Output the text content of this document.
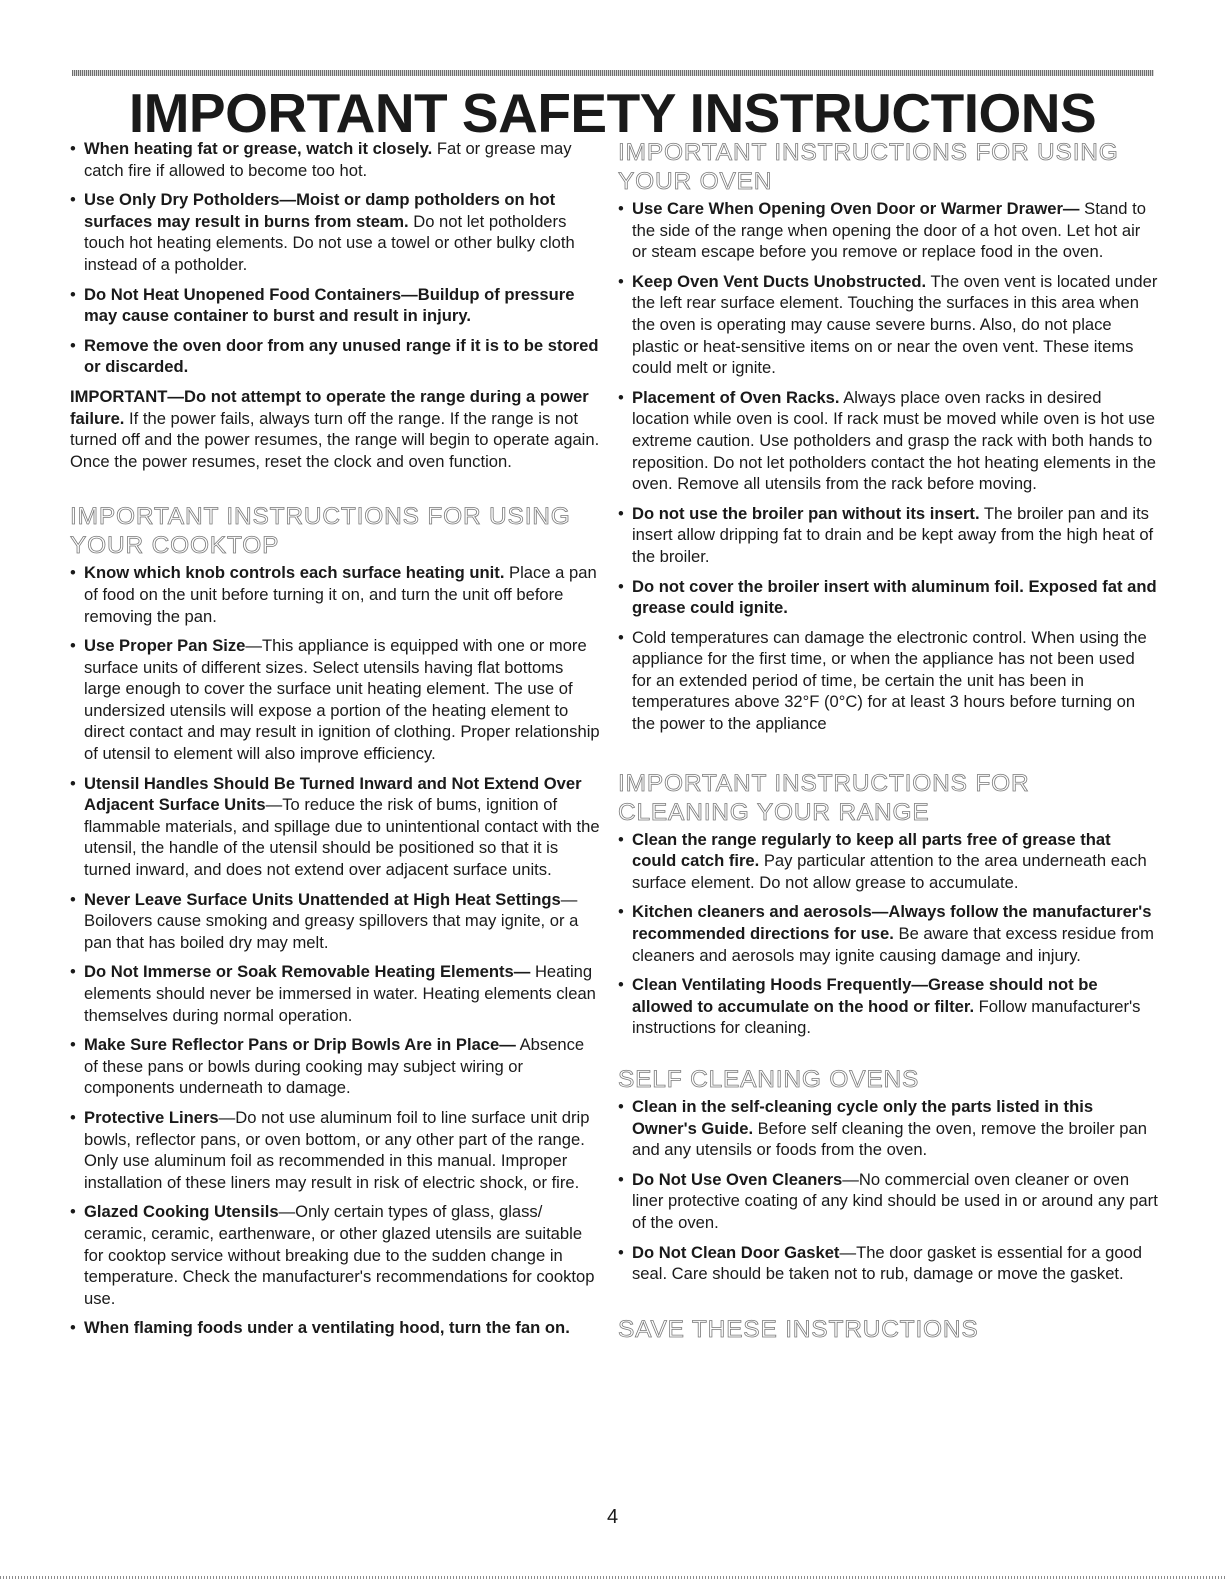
IMPORTANT SAFETY INSTRUCTIONS
• When heating fat or grease, watch it closely. Fat or grease may catch fire if allowed to become too hot.
• Use Only Dry Potholders—Moist or damp potholders on hot surfaces may result in burns from steam. Do not let potholders touch hot heating elements. Do not use a towel or other bulky cloth instead of a potholder.
• Do Not Heat Unopened Food Containers—Buildup of pressure may cause container to burst and result in injury.
• Remove the oven door from any unused range if it is to be stored or discarded.

IMPORTANT—Do not attempt to operate the range during a power failure. If the power fails, always turn off the range. If the range is not turned off and the power resumes, the range will begin to operate again. Once the power resumes, reset the clock and oven function.

IMPORTANT INSTRUCTIONS FOR USING YOUR COOKTOP
• Know which knob controls each surface heating unit. Place a pan of food on the unit before turning it on, and turn the unit off before removing the pan.
• Use Proper Pan Size—This appliance is equipped with one or more surface units of different sizes. Select utensils having flat bottoms large enough to cover the surface unit heating element. The use of undersized utensils will expose a portion of the heating element to direct contact and may result in ignition of clothing. Proper relationship of utensil to element will also improve efficiency.
• Utensil Handles Should Be Turned Inward and Not Extend Over Adjacent Surface Units—To reduce the risk of bums, ignition of flammable materials, and spillage due to unintentional contact with the utensil, the handle of the utensil should be positioned so that it is turned inward, and does not extend over adjacent surface units.
• Never Leave Surface Units Unattended at High Heat Settings—Boilovers cause smoking and greasy spillovers that may ignite, or a pan that has boiled dry may melt.
• Do Not Immerse or Soak Removable Heating Elements— Heating elements should never be immersed in water. Heating elements clean themselves during normal operation.
• Make Sure Reflector Pans or Drip Bowls Are in Place— Absence of these pans or bowls during cooking may subject wiring or components underneath to damage.
• Protective Liners—Do not use aluminum foil to line surface unit drip bowls, reflector pans, or oven bottom, or any other part of the range. Only use aluminum foil as recommended in this manual. Improper installation of these liners may result in risk of electric shock, or fire.
• Glazed Cooking Utensils—Only certain types of glass, glass/ ceramic, ceramic, earthenware, or other glazed utensils are suitable for cooktop service without breaking due to the sudden change in temperature. Check the manufacturer's recommendations for cooktop use.
• When flaming foods under a ventilating hood, turn the fan on.
IMPORTANT INSTRUCTIONS FOR USING YOUR OVEN
• Use Care When Opening Oven Door or Warmer Drawer— Stand to the side of the range when opening the door of a hot oven. Let hot air or steam escape before you remove or replace food in the oven.
• Keep Oven Vent Ducts Unobstructed. The oven vent is located under the left rear surface element. Touching the surfaces in this area when the oven is operating may cause severe burns. Also, do not place plastic or heat-sensitive items on or near the oven vent. These items could melt or ignite.
• Placement of Oven Racks. Always place oven racks in desired location while oven is cool. If rack must be moved while oven is hot use extreme caution. Use potholders and grasp the rack with both hands to reposition. Do not let potholders contact the hot heating elements in the oven. Remove all utensils from the rack before moving.
• Do not use the broiler pan without its insert. The broiler pan and its insert allow dripping fat to drain and be kept away from the high heat of the broiler.
• Do not cover the broiler insert with aluminum foil. Exposed fat and grease could ignite.
• Cold temperatures can damage the electronic control. When using the appliance for the first time, or when the appliance has not been used for an extended period of time, be certain the unit has been in temperatures above 32°F (0°C) for at least 3 hours before turning on the power to the appliance
IMPORTANT INSTRUCTIONS FOR CLEANING YOUR RANGE
• Clean the range regularly to keep all parts free of grease that could catch fire. Pay particular attention to the area underneath each surface element. Do not allow grease to accumulate.
• Kitchen cleaners and aerosols—Always follow the manufacturer's recommended directions for use. Be aware that excess residue from cleaners and aerosols may ignite causing damage and injury.
• Clean Ventilating Hoods Frequently—Grease should not be allowed to accumulate on the hood or filter. Follow manufacturer's instructions for cleaning.
SELF CLEANING OVENS
• Clean in the self-cleaning cycle only the parts listed in this Owner's Guide. Before self cleaning the oven, remove the broiler pan and any utensils or foods from the oven.
• Do Not Use Oven Cleaners—No commercial oven cleaner or oven liner protective coating of any kind should be used in or around any part of the oven.
• Do Not Clean Door Gasket—The door gasket is essential for a good seal. Care should be taken not to rub, damage or move the gasket.
SAVE THESE INSTRUCTIONS
4
